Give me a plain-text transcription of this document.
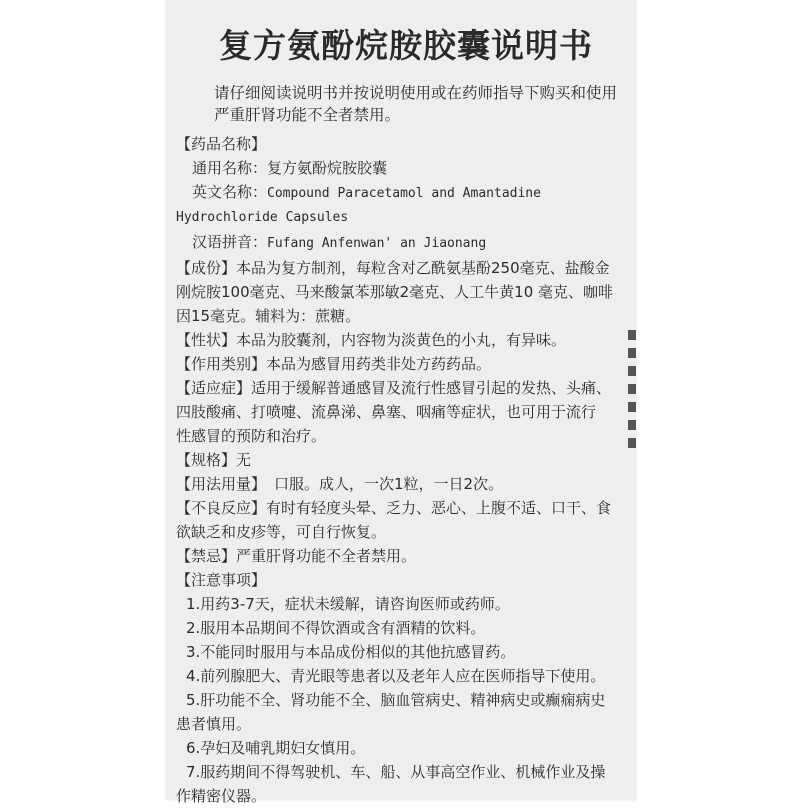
复方氨酚烷胺胶囊说明书
请仔细阅读说明书并按说明使用或在药师指导下购买和使用
严重肝肾功能不全者禁用。
【药品名称】
通用名称：复方氨酚烷胺胶囊
英文名称：Compound Paracetamol and Amantadine
Hydrochloride Capsules
汉语拼音：Fufang Anfenwan' an Jiaonang
【成份】本品为复方制剂，每粒含对乙酰氨基酚250毫克、盐酸金
刚烷胺100毫克、马来酸氯苯那敏2毫克、人工牛黄10 毫克、咖啡
因15毫克。辅料为：蔗糖。
【性状】本品为胶囊剂，内容物为淡黄色的小丸，有异味。
【作用类别】本品为感冒用药类非处方药药品。
【适应症】适用于缓解普通感冒及流行性感冒引起的发热、头痛、
四肢酸痛、打喷嚏、流鼻涕、鼻塞、咽痛等症状，也可用于流行
性感冒的预防和治疗。
【规格】无
【用法用量】 口服。成人，一次1粒，一日2次。
【不良反应】有时有轻度头晕、乏力、恶心、上腹不适、口干、食
欲缺乏和皮疹等，可自行恢复。
【禁忌】严重肝肾功能不全者禁用。
【注意事项】
1.用药3-7天，症状未缓解，请咨询医师或药师。
2.服用本品期间不得饮酒或含有酒精的饮料。
3.不能同时服用与本品成份相似的其他抗感冒药。
4.前列腺肥大、青光眼等患者以及老年人应在医师指导下使用。
5.肝功能不全、肾功能不全、脑血管病史、精神病史或癫痫病史
患者慎用。
6.孕妇及哺乳期妇女慎用。
7.服药期间不得驾驶机、车、船、从事高空作业、机械作业及操
作精密仪器。
